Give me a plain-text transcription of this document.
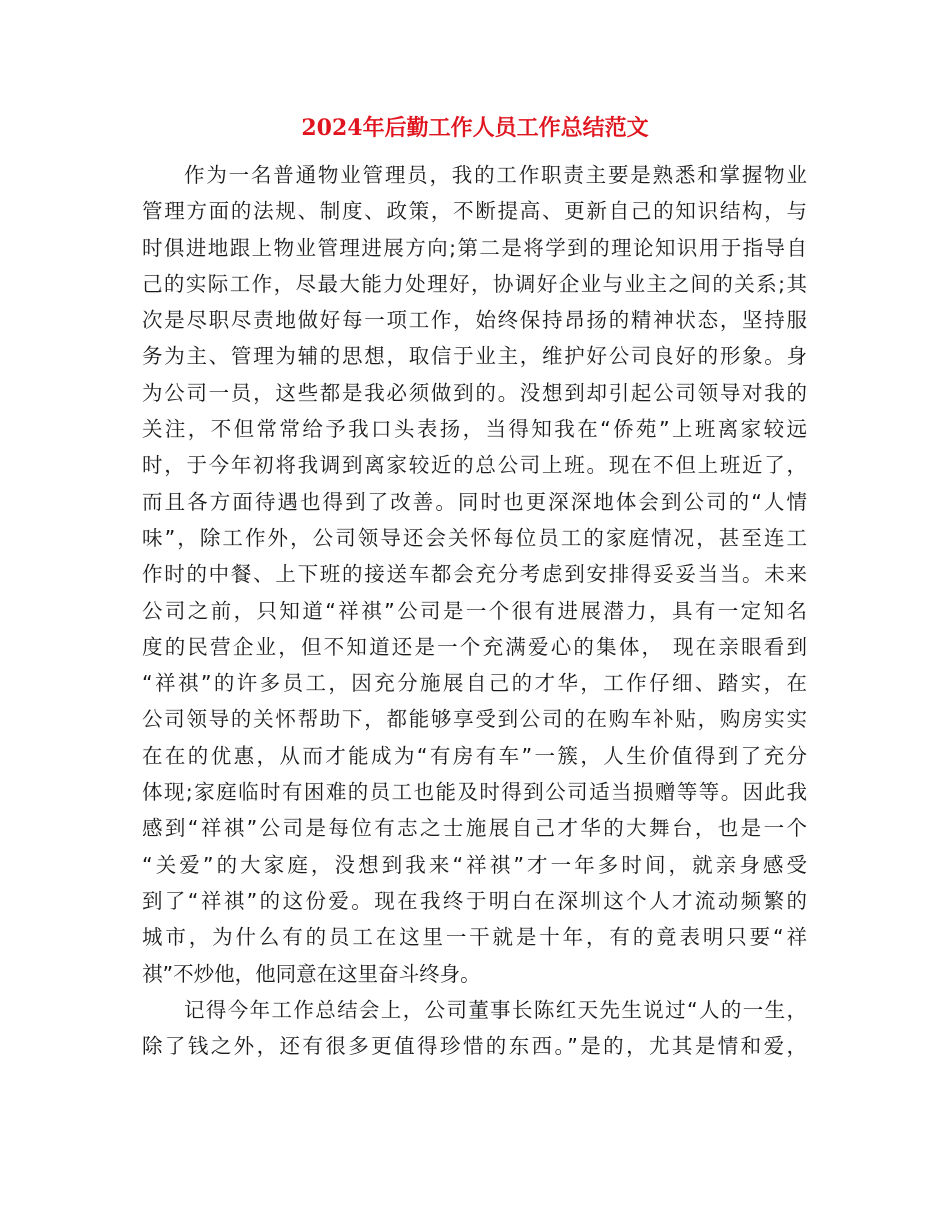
2024年后勤工作人员工作总结范文
作为一名普通物业管理员，我的工作职责主要是熟悉和掌握物业
管理方面的法规、制度、政策，不断提高、更新自己的知识结构，与
时俱进地跟上物业管理进展方向;第二是将学到的理论知识用于指导自
己的实际工作，尽最大能力处理好，协调好企业与业主之间的关系;其
次是尽职尽责地做好每一项工作，始终保持昂扬的精神状态，坚持服
务为主、管理为辅的思想，取信于业主，维护好公司良好的形象。身
为公司一员，这些都是我必须做到的。没想到却引起公司领导对我的
关注，不但常常给予我口头表扬，当得知我在“侨苑”上班离家较远
时，于今年初将我调到离家较近的总公司上班。现在不但上班近了，
而且各方面待遇也得到了改善。同时也更深深地体会到公司的“人情
味”，除工作外，公司领导还会关怀每位员工的家庭情况，甚至连工
作时的中餐、上下班的接送车都会充分考虑到安排得妥妥当当。未来
公司之前，只知道“祥祺”公司是一个很有进展潜力，具有一定知名
度的民营企业，但不知道还是一个充满爱心的集体， 现在亲眼看到
“祥祺”的许多员工，因充分施展自己的才华，工作仔细、踏实，在
公司领导的关怀帮助下，都能够享受到公司的在购车补贴，购房实实
在在的优惠，从而才能成为“有房有车”一簇，人生价值得到了充分
体现;家庭临时有困难的员工也能及时得到公司适当损赠等等。因此我
感到“祥祺”公司是每位有志之士施展自己才华的大舞台，也是一个
“关爱”的大家庭，没想到我来“祥祺”才一年多时间，就亲身感受
到了“祥祺”的这份爱。现在我终于明白在深圳这个人才流动频繁的
城市，为什么有的员工在这里一干就是十年，有的竟表明只要“祥
祺”不炒他，他同意在这里奋斗终身。
记得今年工作总结会上，公司董事长陈红天先生说过“人的一生，
除了钱之外，还有很多更值得珍惜的东西。”是的，尤其是情和爱，
